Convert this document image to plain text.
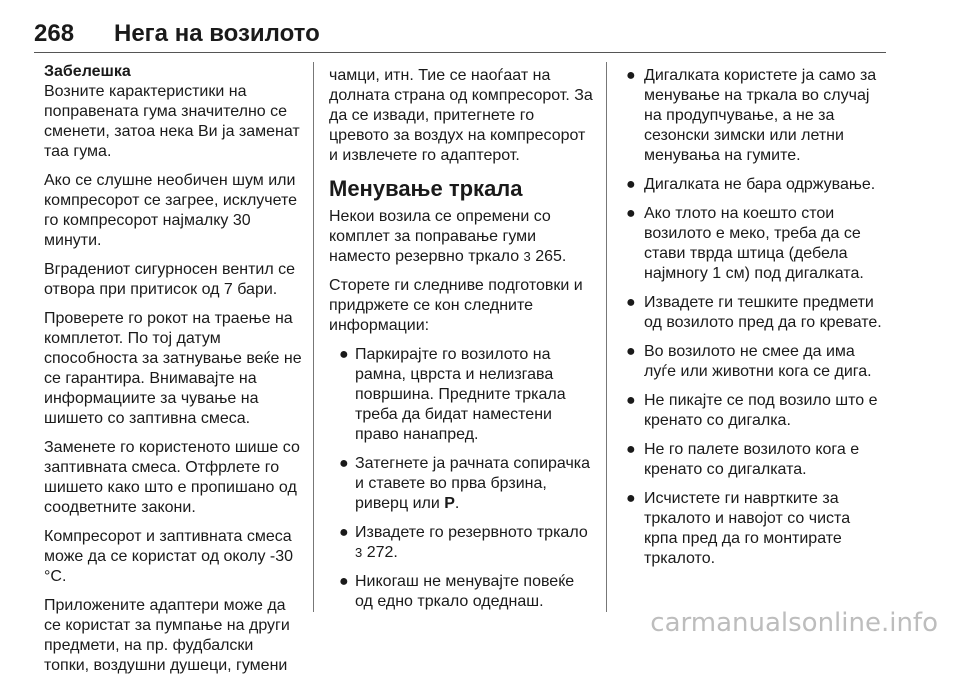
268 Нега на возилото

Забелешка

Возните карактеристики на поправената гума значително се сменети, затоа нека Ви ја заменат таа гума.

Ако се слушне необичен шум или компресорот се загрее, исклучете го компресорот најмалку 30 минути.

Вградениот сигурносен вентил се отвора при притисок од 7 бари.

Проверете го рокот на траење на комплетот. По тој датум способноста за затнување веќе не се гарантира. Внимавајте на информациите за чување на шишето со заптивна смеса.

Заменете го користеното шише со заптивната смеса. Отфрлете го шишето како што е пропишано од соодветните закони.

Компресорот и заптивната смеса може да се користат од околу -30 °C.

Приложените адаптери може да се користат за пумпање на други предмети, на пр. фудбалски топки, воздушни душеци, гумени

чамци, итн. Тие се наоѓаат на долната страна од компресорот. За да се извади, притегнете го цревото за воздух на компресорот и извлечете го адаптерот.

Менување тркала

Некои возила се опремени со комплет за поправање гуми наместо резервно тркало 3 265.

Сторете ги следниве подготовки и придржете се кон следните информации:

● Паркирајте го возилото на рамна, цврста и нелизгава површина. Предните тркала треба да бидат наместени право нанапред.
● Затегнете ја рачната сопирачка и ставете во прва брзина, риверц или P.
● Извадете го резервното тркало
3 272.
● Никогаш не менувајте повеќе од едно тркало одеднаш.
● Дигалката користете ја само за менување на тркала во случај на продупчување, а не за сезонски зимски или летни менувања на гумите.
● Дигалката не бара одржување.
● Ако тлото на коешто стои возилото е меко, треба да се стави тврда штица (дебела најмногу 1 см) под дигалката.
● Извадете ги тешките предмети од возилото пред да го кревате.
● Во возилото не смее да има луѓе или животни кога се дига.
● Не пикајте се под возило што е кренато со дигалка.
● Не го палете возилото кога е кренато со дигалката.
● Исчистете ги навртките за тркалото и навојот со чиста крпа пред да го монтирате тркалото.
carmanualsonline.info
